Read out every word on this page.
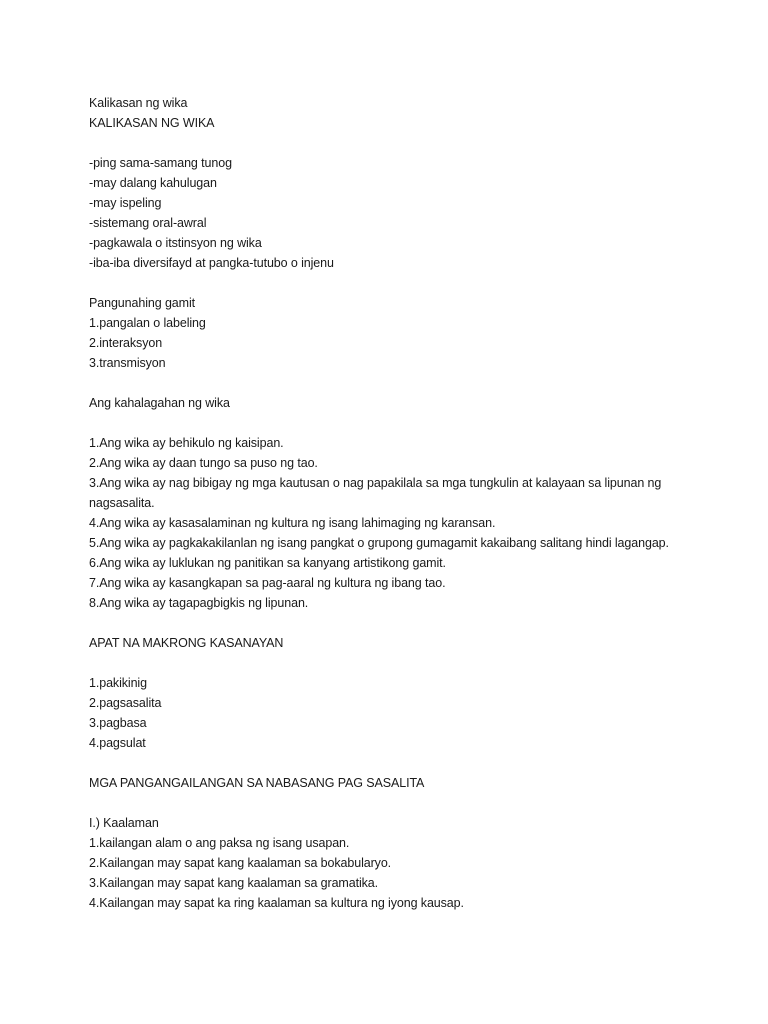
Kalikasan ng wika
KALIKASAN NG WIKA
-ping sama-samang tunog
-may dalang kahulugan
-may ispeling
-sistemang oral-awral
-pagkawala o itstinsyon ng wika
-iba-iba diversifayd at pangka-tutubo o injenu
Pangunahing gamit
1.pangalan o labeling
2.interaksyon
3.transmisyon
Ang kahalagahan ng wika
1.Ang wika ay behikulo ng kaisipan.
2.Ang wika ay daan tungo sa puso ng tao.
3.Ang wika ay nag bibigay ng mga kautusan o nag papakilala sa mga tungkulin at kalayaan sa lipunan ng nagsasalita.
4.Ang wika ay kasasalaminan ng kultura ng isang lahimaging ng karansan.
5.Ang wika ay pagkakakilanlan ng isang pangkat o grupong gumagamit kakaibang salitang hindi lagangap.
6.Ang wika ay luklukan ng panitikan sa kanyang artistikong gamit.
7.Ang wika ay kasangkapan sa pag-aaral ng kultura ng ibang tao.
8.Ang wika ay tagapagbigkis ng lipunan.
APAT NA MAKRONG KASANAYAN
1.pakikinig
2.pagsasalita
3.pagbasa
4.pagsulat
MGA PANGANGAILANGAN SA NABASANG PAG SASALITA
I.) Kaalaman
1.kailangan alam o ang paksa ng isang usapan.
2.Kailangan may sapat kang kaalaman sa bokabularyo.
3.Kailangan may sapat kang kaalaman sa gramatika.
4.Kailangan may sapat ka ring kaalaman sa kultura ng iyong kausap.
